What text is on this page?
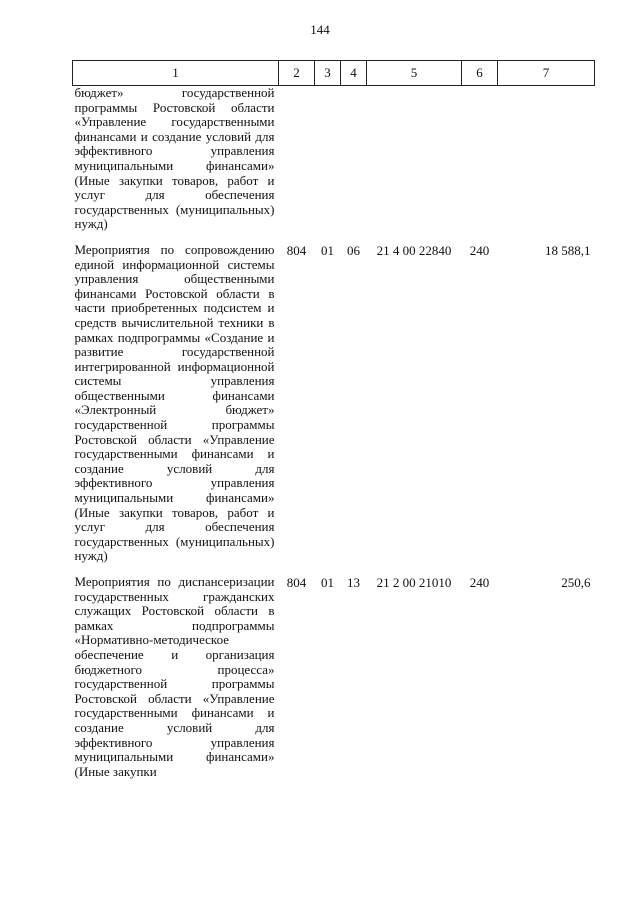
144
1	2	3	4	5	6	7
бюджет» государственной программы Ростовской области «Управление государственными финансами и создание условий для эффективного управления муниципальными финансами» (Иные закупки товаров, работ и услуг для обеспечения государственных (муниципальных) нужд)						
Мероприятия по сопровождению единой информационной системы управления общественными финансами Ростовской области в части приобретенных подсистем и средств вычислительной техники в рамках подпрограммы «Создание и развитие государственной интегрированной информационной системы управления общественными финансами «Электронный бюджет» государственной программы Ростовской области «Управление государственными финансами и создание условий для эффективного управления муниципальными финансами» (Иные закупки товаров, работ и услуг для обеспечения государственных (муниципальных) нужд)	804	01	06	21 4 00 22840	240	18 588,1
Мероприятия по диспансеризации государственных гражданских служащих Ростовской области в рамках подпрограммы «Нормативно-методическое обеспечение и организация бюджетного процесса» государственной программы Ростовской области «Управление государственными финансами и создание условий для эффективного управления муниципальными финансами» (Иные закупки	804	01	13	21 2 00 21010	240	250,6
